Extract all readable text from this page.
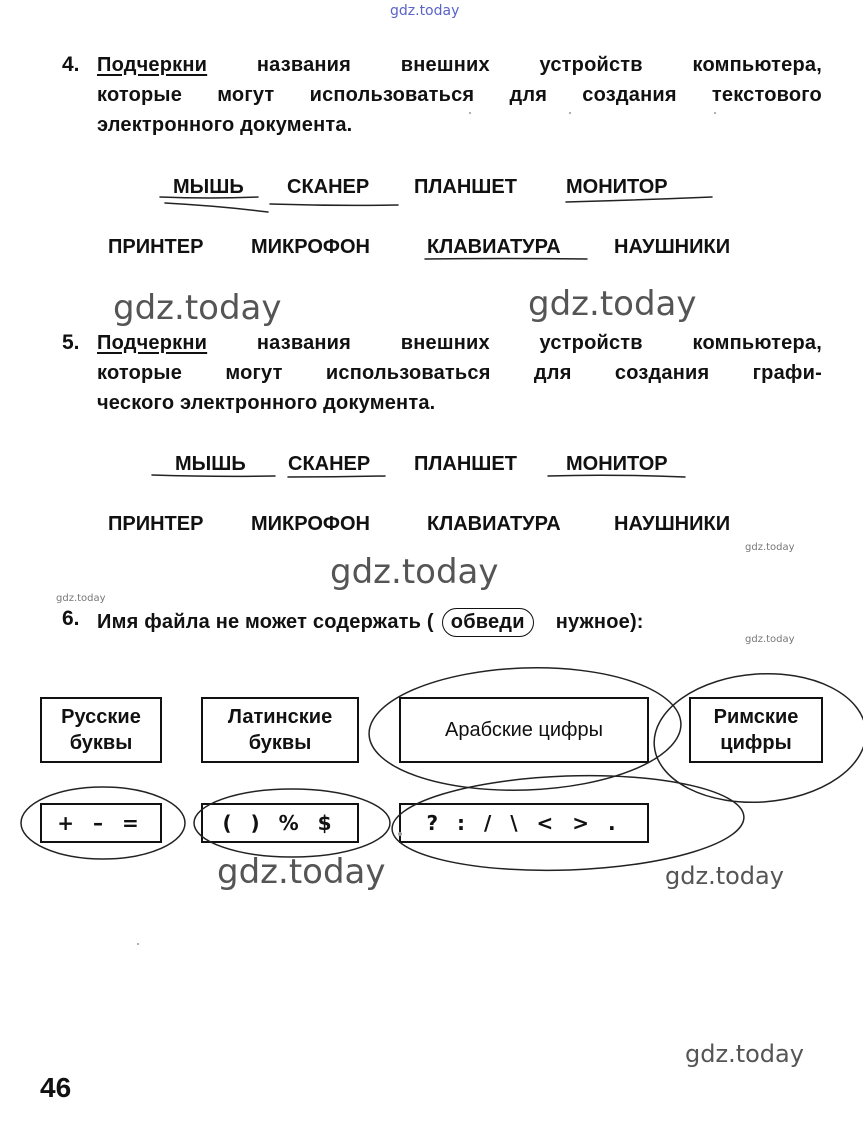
gdz.today
gdz.today	gdz.today
gdz.today
gdz.today
gdz.today
gdz.today
gdz.today	gdz.today
gdz.today
4. Подчеркни названия внешних устройств компьютера,
которые могут использоваться для создания текстового
электронного документа.
МЫШЬ СКАНЕР ПЛАНШЕТ МОНИТОР
ПРИНТЕР МИКРОФОН	КЛАВИАТУРА	НАУШНИКИ
5. Подчеркни названия внешних устройств компьютера,
которые могут использоваться для создания графи-
ческого электронного документа.
МЫШЬ СКАНЕР ПЛАНШЕТ МОНИТОР
ПРИНТЕР МИКРОФОН	КЛАВИАТУРА	НАУШНИКИ
6. Имя файла не может содержать ( обведи	нужное):
Русские
буквы
Латинские
буквы
Арабские цифры
Римские
цифры
+ – =	( ) % $	? : / \ < > .
46
